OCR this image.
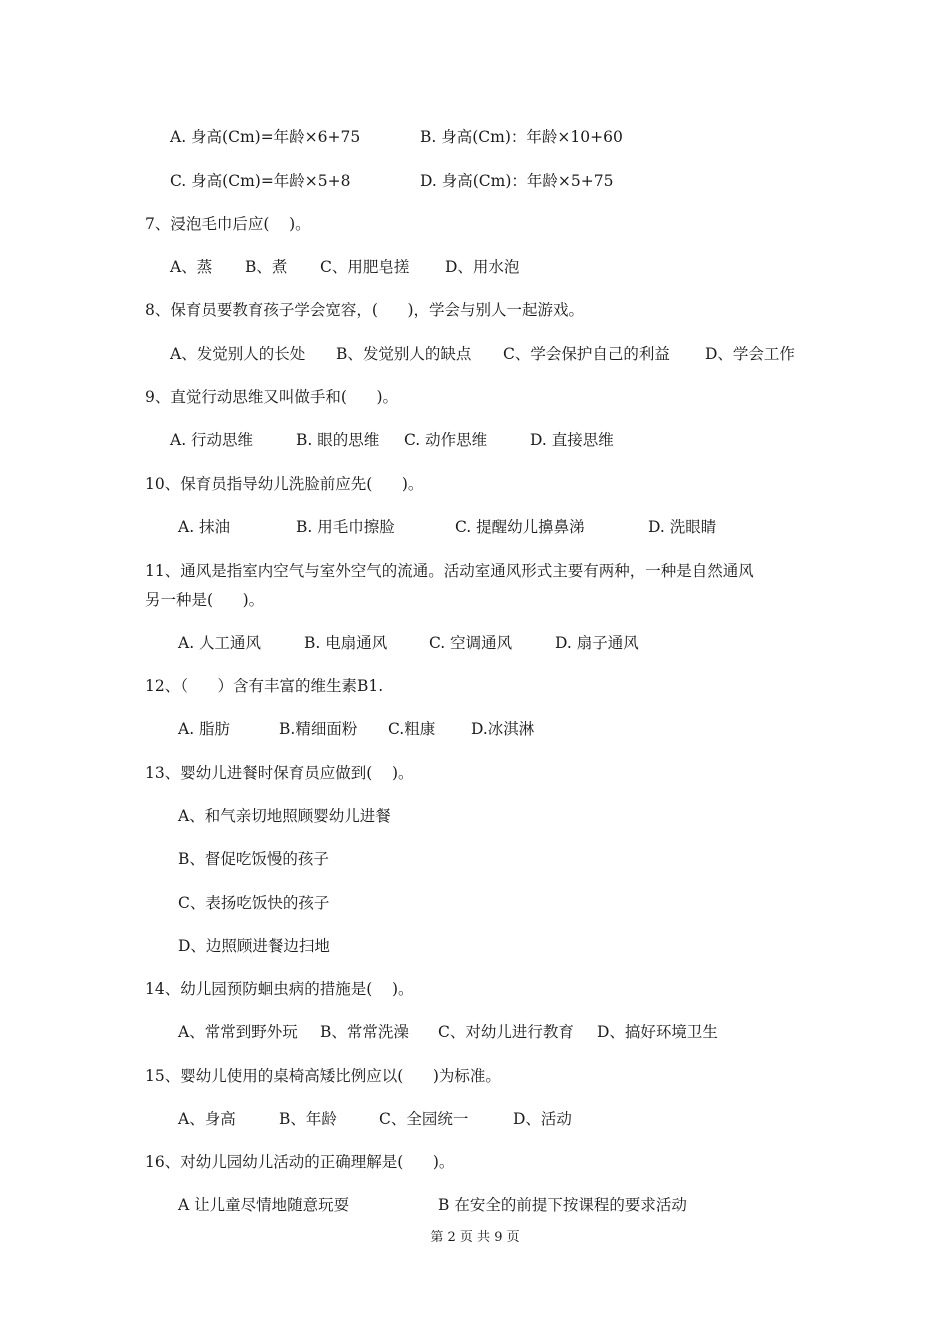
A. 身高(Cm)=年龄×6+75	B. 身高(Cm)：年龄×10+60
C. 身高(Cm)=年龄×5+8	D. 身高(Cm)：年龄×5+75
7、浸泡毛巾后应(    )。
A、蒸 B、煮 C、用肥皂搓 D、用水泡
8、保育员要教育孩子学会宽容，(      )，学会与别人一起游戏。
A、发觉别人的长处 B、发觉别人的缺点 C、学会保护自己的利益 D、学会工作
9、直觉行动思维又叫做手和(      )。
A. 行动思维	B. 眼的思维 C. 动作思维	D. 直接思维
10、保育员指导幼儿洗脸前应先(      )。
A. 抹油	B. 用毛巾擦脸	C. 提醒幼儿擤鼻涕	D. 洗眼睛
11、通风是指室内空气与室外空气的流通。活动室通风形式主要有两种，一种是自然通风
另一种是(      )。
A. 人工通风	B. 电扇通风	C. 空调通风	D. 扇子通风
12、（      ）含有丰富的维生素B1.
A. 脂肪	B.精细面粉 C.粗康 D.冰淇淋
13、婴幼儿进餐时保育员应做到(    )。
A、和气亲切地照顾婴幼儿进餐
B、督促吃饭慢的孩子
C、表扬吃饭快的孩子
D、边照顾进餐边扫地
14、幼儿园预防蛔虫病的措施是(    )。
A、常常到野外玩 B、常常洗澡 C、对幼儿进行教育 D、搞好环境卫生
15、婴幼儿使用的桌椅高矮比例应以(      )为标准。
A、身高	B、年龄	C、全园统一	D、活动
16、对幼儿园幼儿活动的正确理解是(      )。
A 让儿童尽情地随意玩耍	B 在安全的前提下按课程的要求活动
第 2 页 共 9 页
